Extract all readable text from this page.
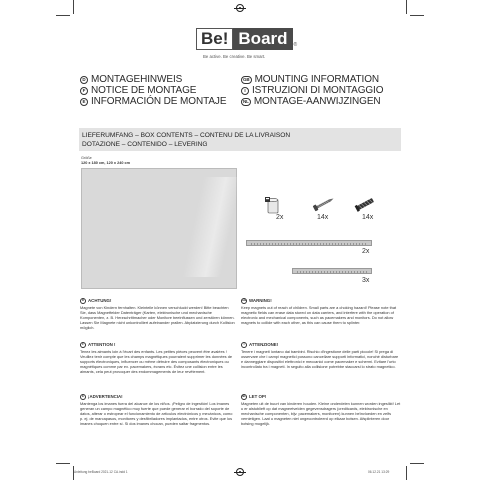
Be! Board	®
Be active. Be creative. Be smart.
D MONTAGEHINWEIS
F NOTICE DE MONTAGE
E INFORMACIÓN DE MONTAJE
GB MOUNTING INFORMATION
I ISTRUZIONI DI MONTAGGIO
NL MONTAGE-AANWIJZINGEN
LIEFERUMFANG – BOX CONTENTS – CONTENU DE LA LIVRAISON
DOTAZIONE – CONTENIDO – LEVERING
Größe
120 x 180 cm, 120 x 240 cm
2x	14x	14x
2x
3x
D ACHTUNG!

Magnete von Kindern fernhalten. Kleinteile können verschluckt werden! Bitte beachten Sie, dass Magnetfelder Datenträger (Karten, elektronische und mechanische Komponenten, z. B. Herzschrittmacher oder Monitore beeinflussen und zerstören können. Lassen Sie Magnete nicht unkontrolliert aufeinander prallen. Abplatzierung durch Kollision möglich.

F ATTENTION !

Tenez les aimants loin à l'écart des enfants. Les petites pièces peuvent être avalées ! Veuillez tenir compte que les champs magnétiques pourraient supprimer les données de supports électroniques, influencer ou même détruire des composants électroniques ou magnétiques comme par ex. pacemakers, écrans etc. Évitez une collision entre les aimants, cela peut provoquer des endommagements de leur revêtement.

E ¡ADVERTENCIA!

Mantenga los imanes fuera del alcance de los niños. ¡Peligro de ingestión! Los imanes generan un campo magnético muy fuerte que puede generar el borrado del soporte de datos, alterar o estropear el funcionamiento de artículos electrónicos y mecánicos, como p. ej. de marcapasos, monitores y desfibriladores implantados, entre otros. Evite que los imanes choquen entre sí. Si dos imanes chocan, pueden saltar fragmentos.

GB WARNING!

Keep magnets out of reach of children. Small parts are a choking hazard! Please note that magnetic fields can erase data stored on data carriers, and interfere with the operation of electronic and mechanical components, such as pacemakers and monitors. Do not allow magnets to collide with each other, as this can cause them to splinter.

I	ATTENZIONE!

Tenere i magneti lontano dai bambini. Rischio d'ingestione delle parti piccole! Si prega di osservare che i campi magnetici possono cancellare supporti informatici, nonché disturbare e danneggiare dispositivi elettronici e meccanici come pacemaker e schermi. Evitare l'urto incontrollato tra i magneti. In seguito alla collisione potrebbe staccarsi lo strato magnetico.

NL LET OP!

Magneten uit de buurt van kinderen houden. Kleine onderdelen kunnen worden ingeslikt! Let u er alstublieft op dat magneetvelden gegevensdragers (creditcards, elektronische en mechanische componenten, bijv. pacemakers, monitoren) kunnen beïnvloeden en zelfs vernietigen. Laat u magneten niet ongecontroleerd op elkaar botsen. Afsplinteren door botsing mogelijk.

Anleitung beBoard 2021-12 CA.indd 1	06.12.21 13:29
